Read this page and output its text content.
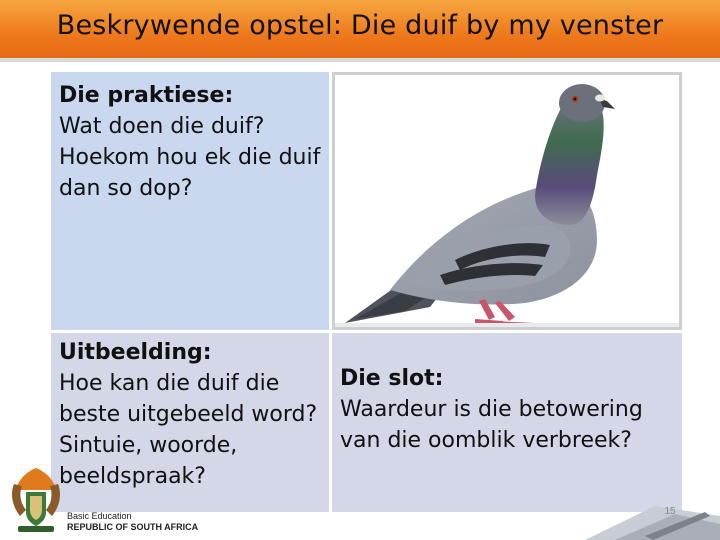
Beskrywende opstel: Die duif by my venster
Die praktiese:
Wat doen die duif? Hoekom hou ek die duif dan so dop?
Uitbeelding:
Hoe kan die duif die beste uitgebeeld word? Sintuie, woorde, beeldspraak?
Die slot:
Waardeur is die betowering van die oomblik verbreek?
Basic Education
REPUBLIC OF SOUTH AFRICA
15
